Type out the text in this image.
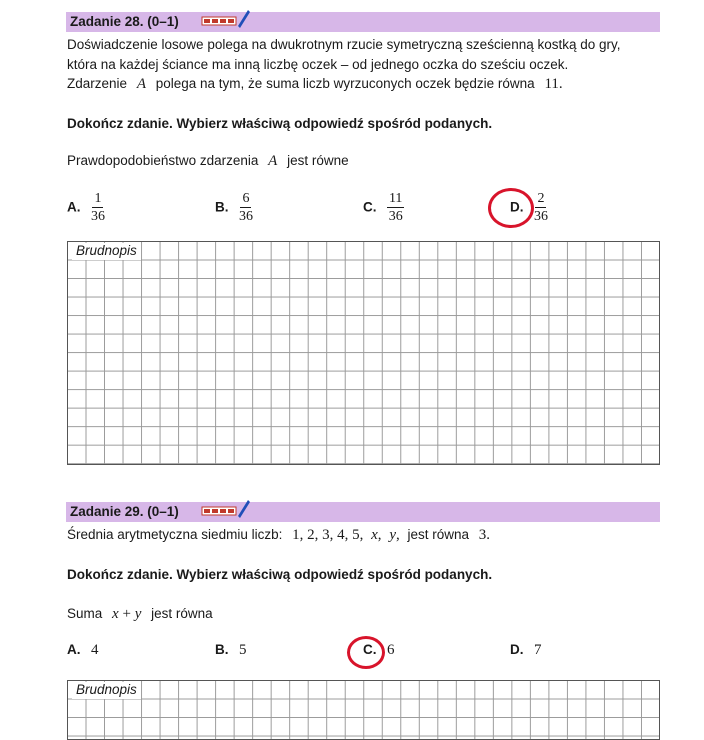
Zadanie 28. (0–1)
Doświadczenie losowe polega na dwukrotnym rzucie symetryczną sześcienną kostką do gry,
która na każdej ściance ma inną liczbę oczek – od jednego oczka do sześciu oczek.
Zdarzenie A polega na tym, że suma liczb wyrzuconych oczek będzie równa 11.
Dokończ zdanie. Wybierz właściwą odpowiedź spośród podanych.
Prawdopodobieństwo zdarzenia A jest równe
A. $\frac{1}{36}$	B. $\frac{6}{36}$	C. $\frac{11}{36}$	D. $\frac{2}{36}$
Brudnopis
Zadanie 29. (0–1)
Średnia arytmetyczna siedmiu liczb: 1, 2, 3, 4, 5, x, y, jest równa 3.
Dokończ zdanie. Wybierz właściwą odpowiedź spośród podanych.
Suma x + y jest równa
A. 4	B. 5	C. 6	D. 7
Brudnopis
